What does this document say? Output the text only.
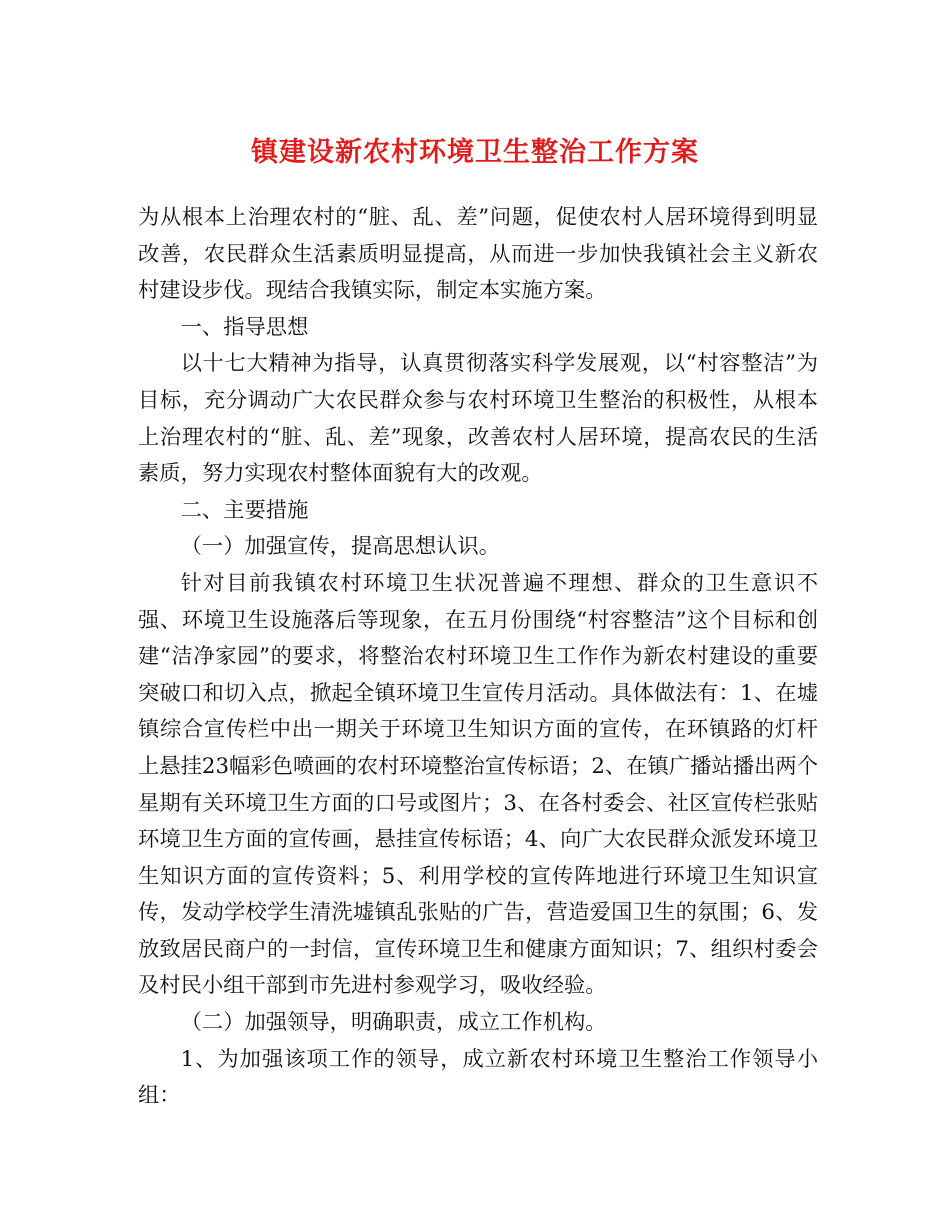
镇建设新农村环境卫生整治工作方案

为从根本上治理农村的“脏、乱、差”问题，促使农村人居环境得到明显改善，农民群众生活素质明显提高，从而进一步加快我镇社会主义新农村建设步伐。现结合我镇实际，制定本实施方案。

一、指导思想

以十七大精神为指导，认真贯彻落实科学发展观，以“村容整洁”为目标，充分调动广大农民群众参与农村环境卫生整治的积极性，从根本上治理农村的“脏、乱、差”现象，改善农村人居环境，提高农民的生活素质，努力实现农村整体面貌有大的改观。

二、主要措施

（一）加强宣传，提高思想认识。

针对目前我镇农村环境卫生状况普遍不理想、群众的卫生意识不强、环境卫生设施落后等现象，在五月份围绕“村容整洁”这个目标和创建“洁净家园”的要求，将整治农村环境卫生工作作为新农村建设的重要突破口和切入点，掀起全镇环境卫生宣传月活动。具体做法有：1、在墟镇综合宣传栏中出一期关于环境卫生知识方面的宣传，在环镇路的灯杆上悬挂23幅彩色喷画的农村环境整治宣传标语；2、在镇广播站播出两个星期有关环境卫生方面的口号或图片；3、在各村委会、社区宣传栏张贴环境卫生方面的宣传画，悬挂宣传标语；4、向广大农民群众派发环境卫生知识方面的宣传资料；5、利用学校的宣传阵地进行环境卫生知识宣传，发动学校学生清洗墟镇乱张贴的广告，营造爱国卫生的氛围；6、发放致居民商户的一封信，宣传环境卫生和健康方面知识；7、组织村委会及村民小组干部到市先进村参观学习，吸收经验。

（二）加强领导，明确职责，成立工作机构。

1、为加强该项工作的领导，成立新农村环境卫生整治工作领导小组：
